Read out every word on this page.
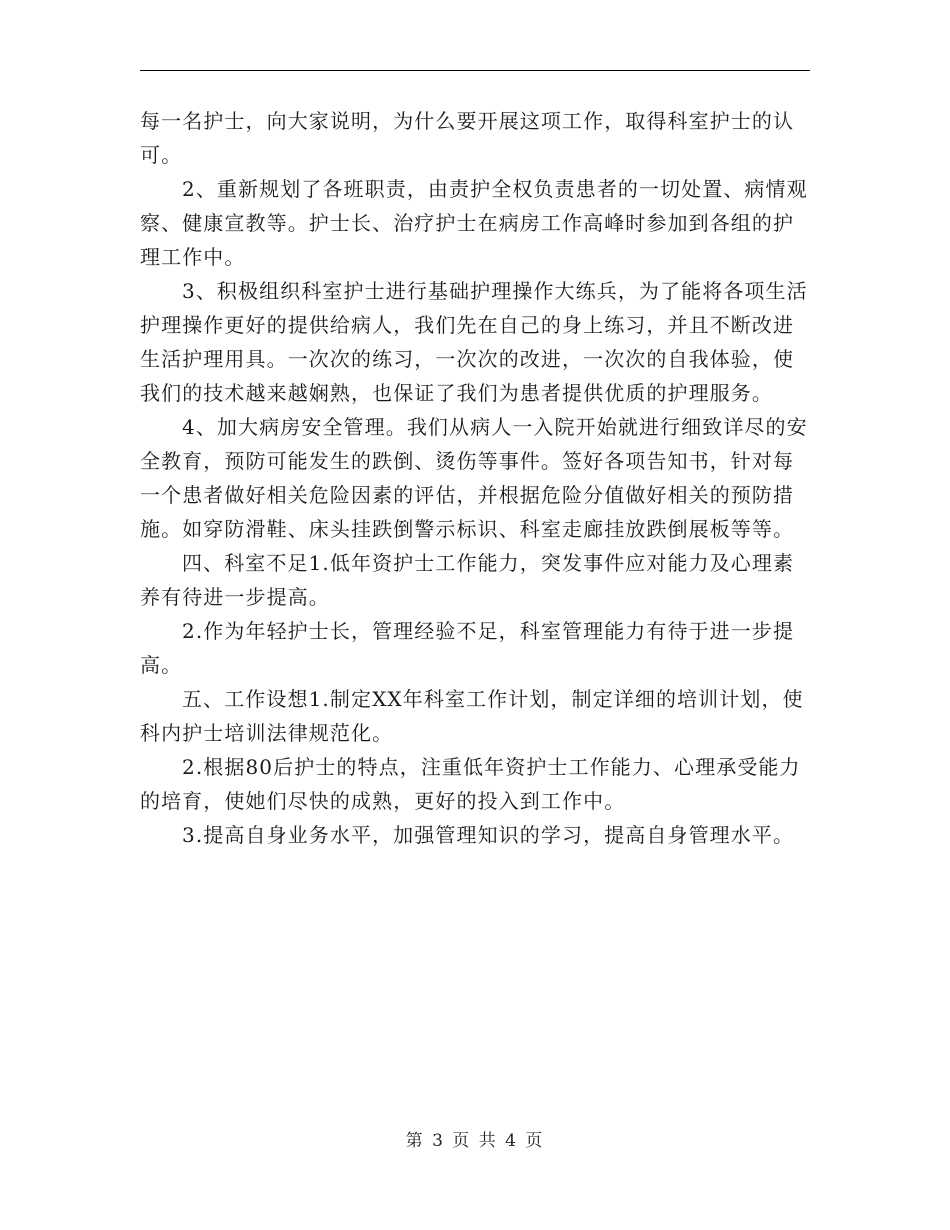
每一名护士，向大家说明，为什么要开展这项工作，取得科室护士的认可。

2、重新规划了各班职责，由责护全权负责患者的一切处置、病情观察、健康宣教等。护士长、治疗护士在病房工作高峰时参加到各组的护理工作中。

3、积极组织科室护士进行基础护理操作大练兵，为了能将各项生活护理操作更好的提供给病人，我们先在自己的身上练习，并且不断改进生活护理用具。一次次的练习，一次次的改进，一次次的自我体验，使我们的技术越来越娴熟，也保证了我们为患者提供优质的护理服务。

4、加大病房安全管理。我们从病人一入院开始就进行细致详尽的安全教育，预防可能发生的跌倒、烫伤等事件。签好各项告知书，针对每一个患者做好相关危险因素的评估，并根据危险分值做好相关的预防措施。如穿防滑鞋、床头挂跌倒警示标识、科室走廊挂放跌倒展板等等。

四、科室不足1.低年资护士工作能力，突发事件应对能力及心理素养有待进一步提高。

2.作为年轻护士长，管理经验不足，科室管理能力有待于进一步提高。

五、工作设想1.制定XX年科室工作计划，制定详细的培训计划，使科内护士培训法律规范化。

2.根据80后护士的特点，注重低年资护士工作能力、心理承受能力的培育，使她们尽快的成熟，更好的投入到工作中。

3.提高自身业务水平，加强管理知识的学习，提高自身管理水平。

第 3 页 共 4 页
